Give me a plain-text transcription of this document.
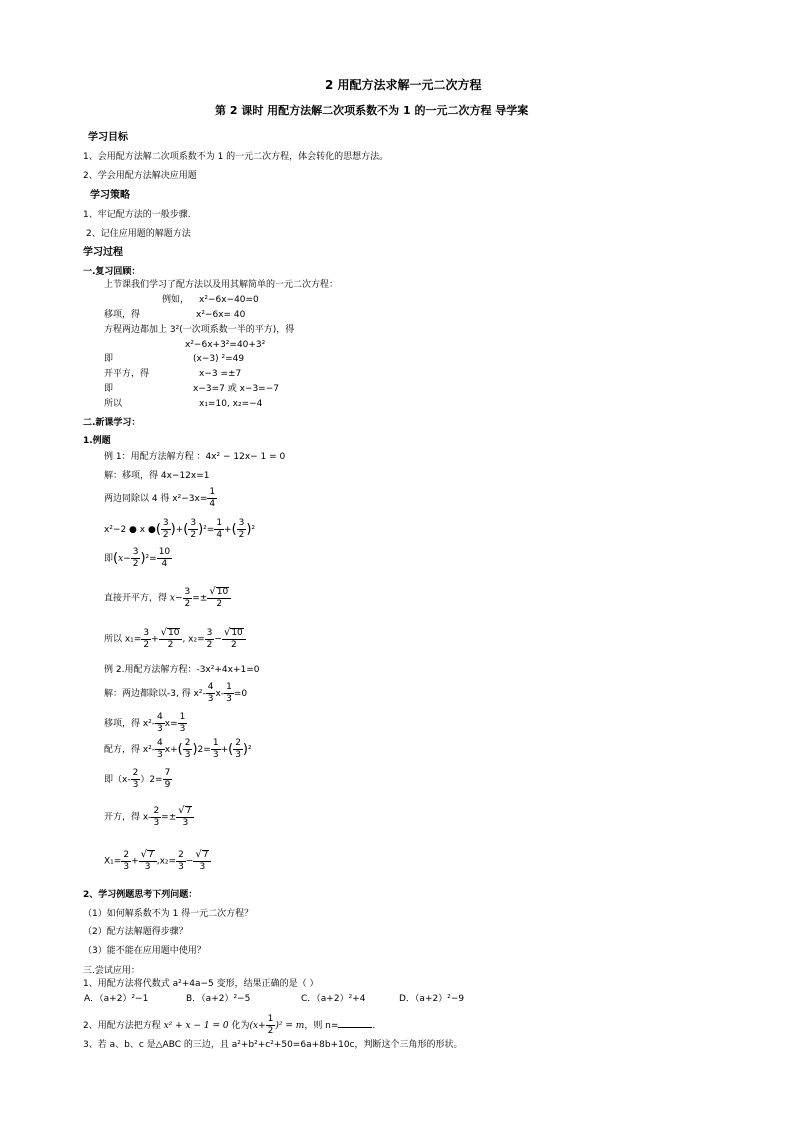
2 用配方法求解一元二次方程
第 2 课时 用配方法解二次项系数不为 1 的一元二次方程 导学案
学习目标
1、会用配方法解二次项系数不为 1 的一元二次方程，体会转化的思想方法。
2、学会用配方法解决应用题
学习策略
1、牢记配方法的一般步骤.
2、记住应用题的解题方法
学习过程
一.复习回顾：
上节课我们学习了配方法以及用其解简单的一元二次方程：
例如， x²−6x−40=0
移项，得	x²−6x= 40
方程两边都加上 3²(一次项系数一半的平方)，得
x²−6x+3²=40+3²
即	(x−3) ²=49
开平方，得	x−3 =±7
即	x−3=7 或 x−3=−7
所以	x₁=10, x₂=−4
二.新课学习：
1.例题
例 1：用配方法解方程 ：4x² − 12x− 1 = 0
解：移项，得 4x−12x=1
两边同除以 4 得 $x^2-3x= \frac{1}{4}$
x²−2 ● x ●( $\frac{3}{2}$ )+( $\frac{3}{2} )^2= \frac{1}{4}$ +( $\frac{3}{2} )^2$
即$(x- \frac{3}{2} )^2= \frac{10}{4}$
直接开平方，得 $x- \frac{3}{2} =\pm \frac{√ 10}{2}$
所以 $x_1= \frac{3}{2} + \frac{√ 10}{2}$ , $x_2= \frac{3}{2} - \frac{√ 10}{2}$
例 2.用配方法解方程：-3x²+4x+1=0
解：两边都除以-3, 得 $x^2- \frac{4}{3} x- \frac{1}{3} =0$
移项，得 $x^2- \frac{4}{3} x= \frac{1}{3}$
配方，得 $x^2- \frac{4}{3} x+( \frac{2}{3} )2= \frac{1}{3}$ +( $\frac{2}{3} )^2$
即$(x- \frac{2}{3} )2= \frac{7}{9}$
开方，得 $x- \frac{2}{3} =\pm \frac{√ 7}{3}$
$X_1= \frac{2}{3} + \frac{√ 7}{3} ,x_2= \frac{2}{3} - \frac{√ 7}{3}$
2、学习例题思考下列问题：
（1）如何解系数不为 1 得一元二次方程？
（2）配方法解题得步骤？
（3）能不能在应用题中使用？
三.尝试应用：
1、用配方法将代数式 a²+4a−5 变形，结果正确的是（ ）
A．（a+2）²−1	B．（a+2）²−5	C．（a+2）²+4	D．（a+2）²−9
2、用配方法把方程 x² + x − 1 = 0 化为$(x+ \frac{1}{2} )^2 = m$，则 n=	.
3、若 a、b、c 是△ABC 的三边，且 a²+b²+c²+50=6a+8b+10c，判断这个三角形的形状。
